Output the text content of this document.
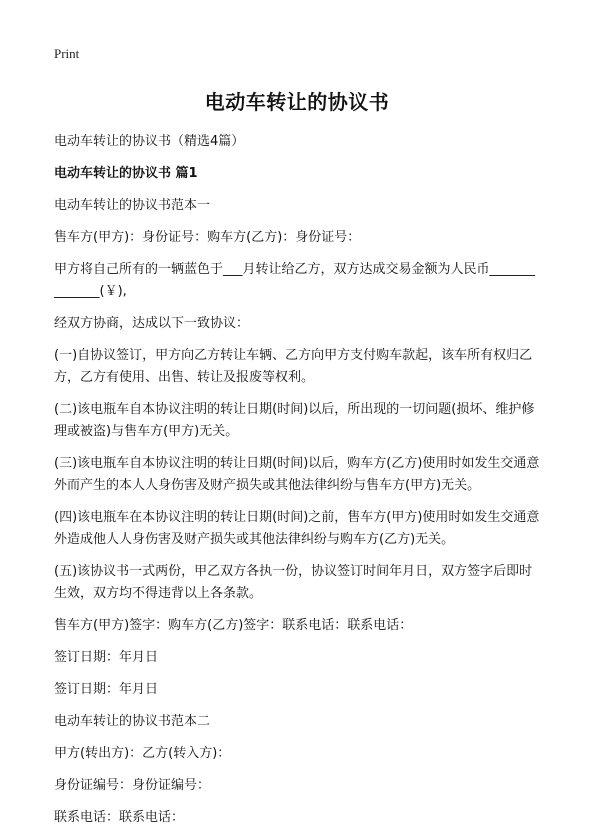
Print
电动车转让的协议书

电动车转让的协议书（精选4篇）

电动车转让的协议书 篇1

电动车转让的协议书范本一

售车方(甲方)：身份证号：购车方(乙方)：身份证号：

甲方将自己所有的一辆蓝色于___月转让给乙方，双方达成交易金额为人民币______________(￥),

经双方协商，达成以下一致协议：

(一)自协议签订，甲方向乙方转让车辆、乙方向甲方支付购车款起，该车所有权归乙方，乙方有使用、出售、转让及报废等权利。

(二)该电瓶车自本协议注明的转让日期(时间)以后，所出现的一切问题(损坏、维护修理或被盗)与售车方(甲方)无关。

(三)该电瓶车自本协议注明的转让日期(时间)以后，购车方(乙方)使用时如发生交通意外而产生的本人人身伤害及财产损失或其他法律纠纷与售车方(甲方)无关。

(四)该电瓶车在本协议注明的转让日期(时间)之前，售车方(甲方)使用时如发生交通意外造成他人人身伤害及财产损失或其他法律纠纷与购车方(乙方)无关。

(五)该协议书一式两份，甲乙双方各执一份，协议签订时间年月日，双方签字后即时生效，双方均不得违背以上各条款。

售车方(甲方)签字：购车方(乙方)签字：联系电话：联系电话：

签订日期：年月日

签订日期：年月日

电动车转让的协议书范本二

甲方(转出方)：乙方(转入方)：

身份证编号：身份证编号：

联系电话：联系电话：
